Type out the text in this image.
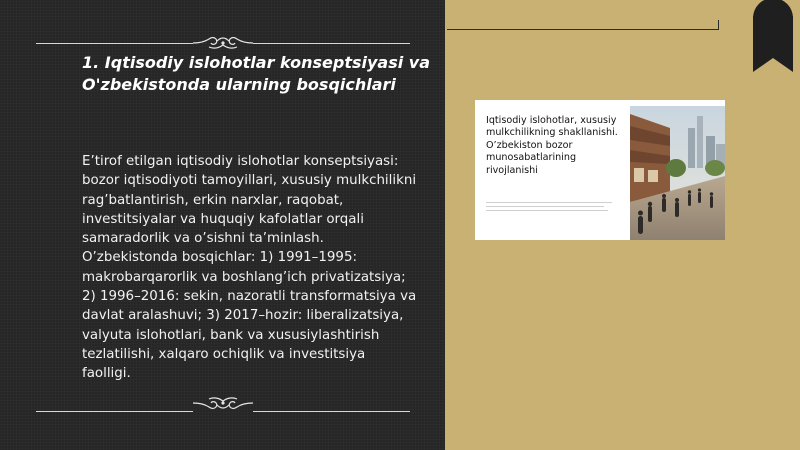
1. Iqtisodiy islohotlar konseptsiyasi va O'zbekistonda ularning bosqichlari

E’tirof etilgan iqtisodiy islohotlar konseptsiyasi: bozor iqtisodiyoti tamoyillari, xususiy mulkchilikni rag’batlantirish, erkin narxlar, raqobat, investitsiyalar va huquqiy kafolatlar orqali samaradorlik va o’sishni ta’minlash. O’zbekistonda bosqichlar: 1) 1991–1995: makrobarqarorlik va boshlang’ich privatizatsiya; 2) 1996–2016: sekin, nazoratli transformatsiya va davlat aralashuvi; 3) 2017–hozir: liberalizatsiya, valyuta islohotlari, bank va xususiylashtirish tezlatilishi, xalqaro ochiqlik va investitsiya faolligi.

Iqtisodiy islohotlar, xususiy mulkchilikning shakllanishi. O’zbekiston bozor munosabatlarining rivojlanishi
